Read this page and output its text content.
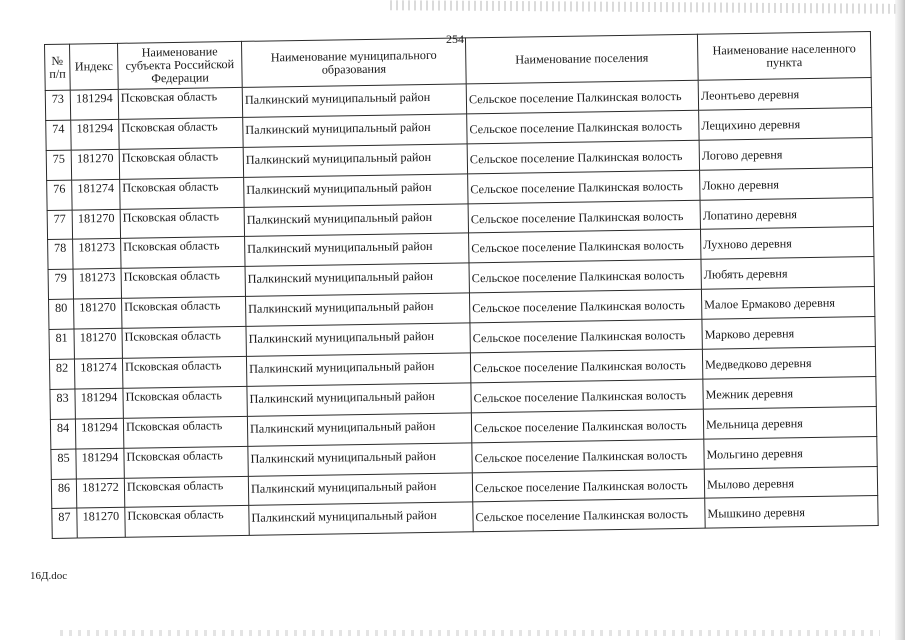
254
№ п/п	Индекс	Наименование субъекта Российской Федерации	Наименование муниципального образования	Наименование поселения	Наименование населенного пункта
73	181294	Псковская область	Палкинский муниципальный район	Сельское поселение Палкинская волость	Леонтьево деревня
74	181294	Псковская область	Палкинский муниципальный район	Сельское поселение Палкинская волость	Лещихино деревня
75	181270	Псковская область	Палкинский муниципальный район	Сельское поселение Палкинская волость	Логово деревня
76	181274	Псковская область	Палкинский муниципальный район	Сельское поселение Палкинская волость	Локно деревня
77	181270	Псковская область	Палкинский муниципальный район	Сельское поселение Палкинская волость	Лопатино деревня
78	181273	Псковская область	Палкинский муниципальный район	Сельское поселение Палкинская волость	Лухново деревня
79	181273	Псковская область	Палкинский муниципальный район	Сельское поселение Палкинская волость	Любять деревня
80	181270	Псковская область	Палкинский муниципальный район	Сельское поселение Палкинская волость	Малое Ермаково деревня
81	181270	Псковская область	Палкинский муниципальный район	Сельское поселение Палкинская волость	Марково деревня
82	181274	Псковская область	Палкинский муниципальный район	Сельское поселение Палкинская волость	Медведково деревня
83	181294	Псковская область	Палкинский муниципальный район	Сельское поселение Палкинская волость	Межник деревня
84	181294	Псковская область	Палкинский муниципальный район	Сельское поселение Палкинская волость	Мельница деревня
85	181294	Псковская область	Палкинский муниципальный район	Сельское поселение Палкинская волость	Мольгино деревня
86	181272	Псковская область	Палкинский муниципальный район	Сельское поселение Палкинская волость	Мылово деревня
87	181270	Псковская область	Палкинский муниципальный район	Сельское поселение Палкинская волость	Мышкино деревня
16Д.doc
